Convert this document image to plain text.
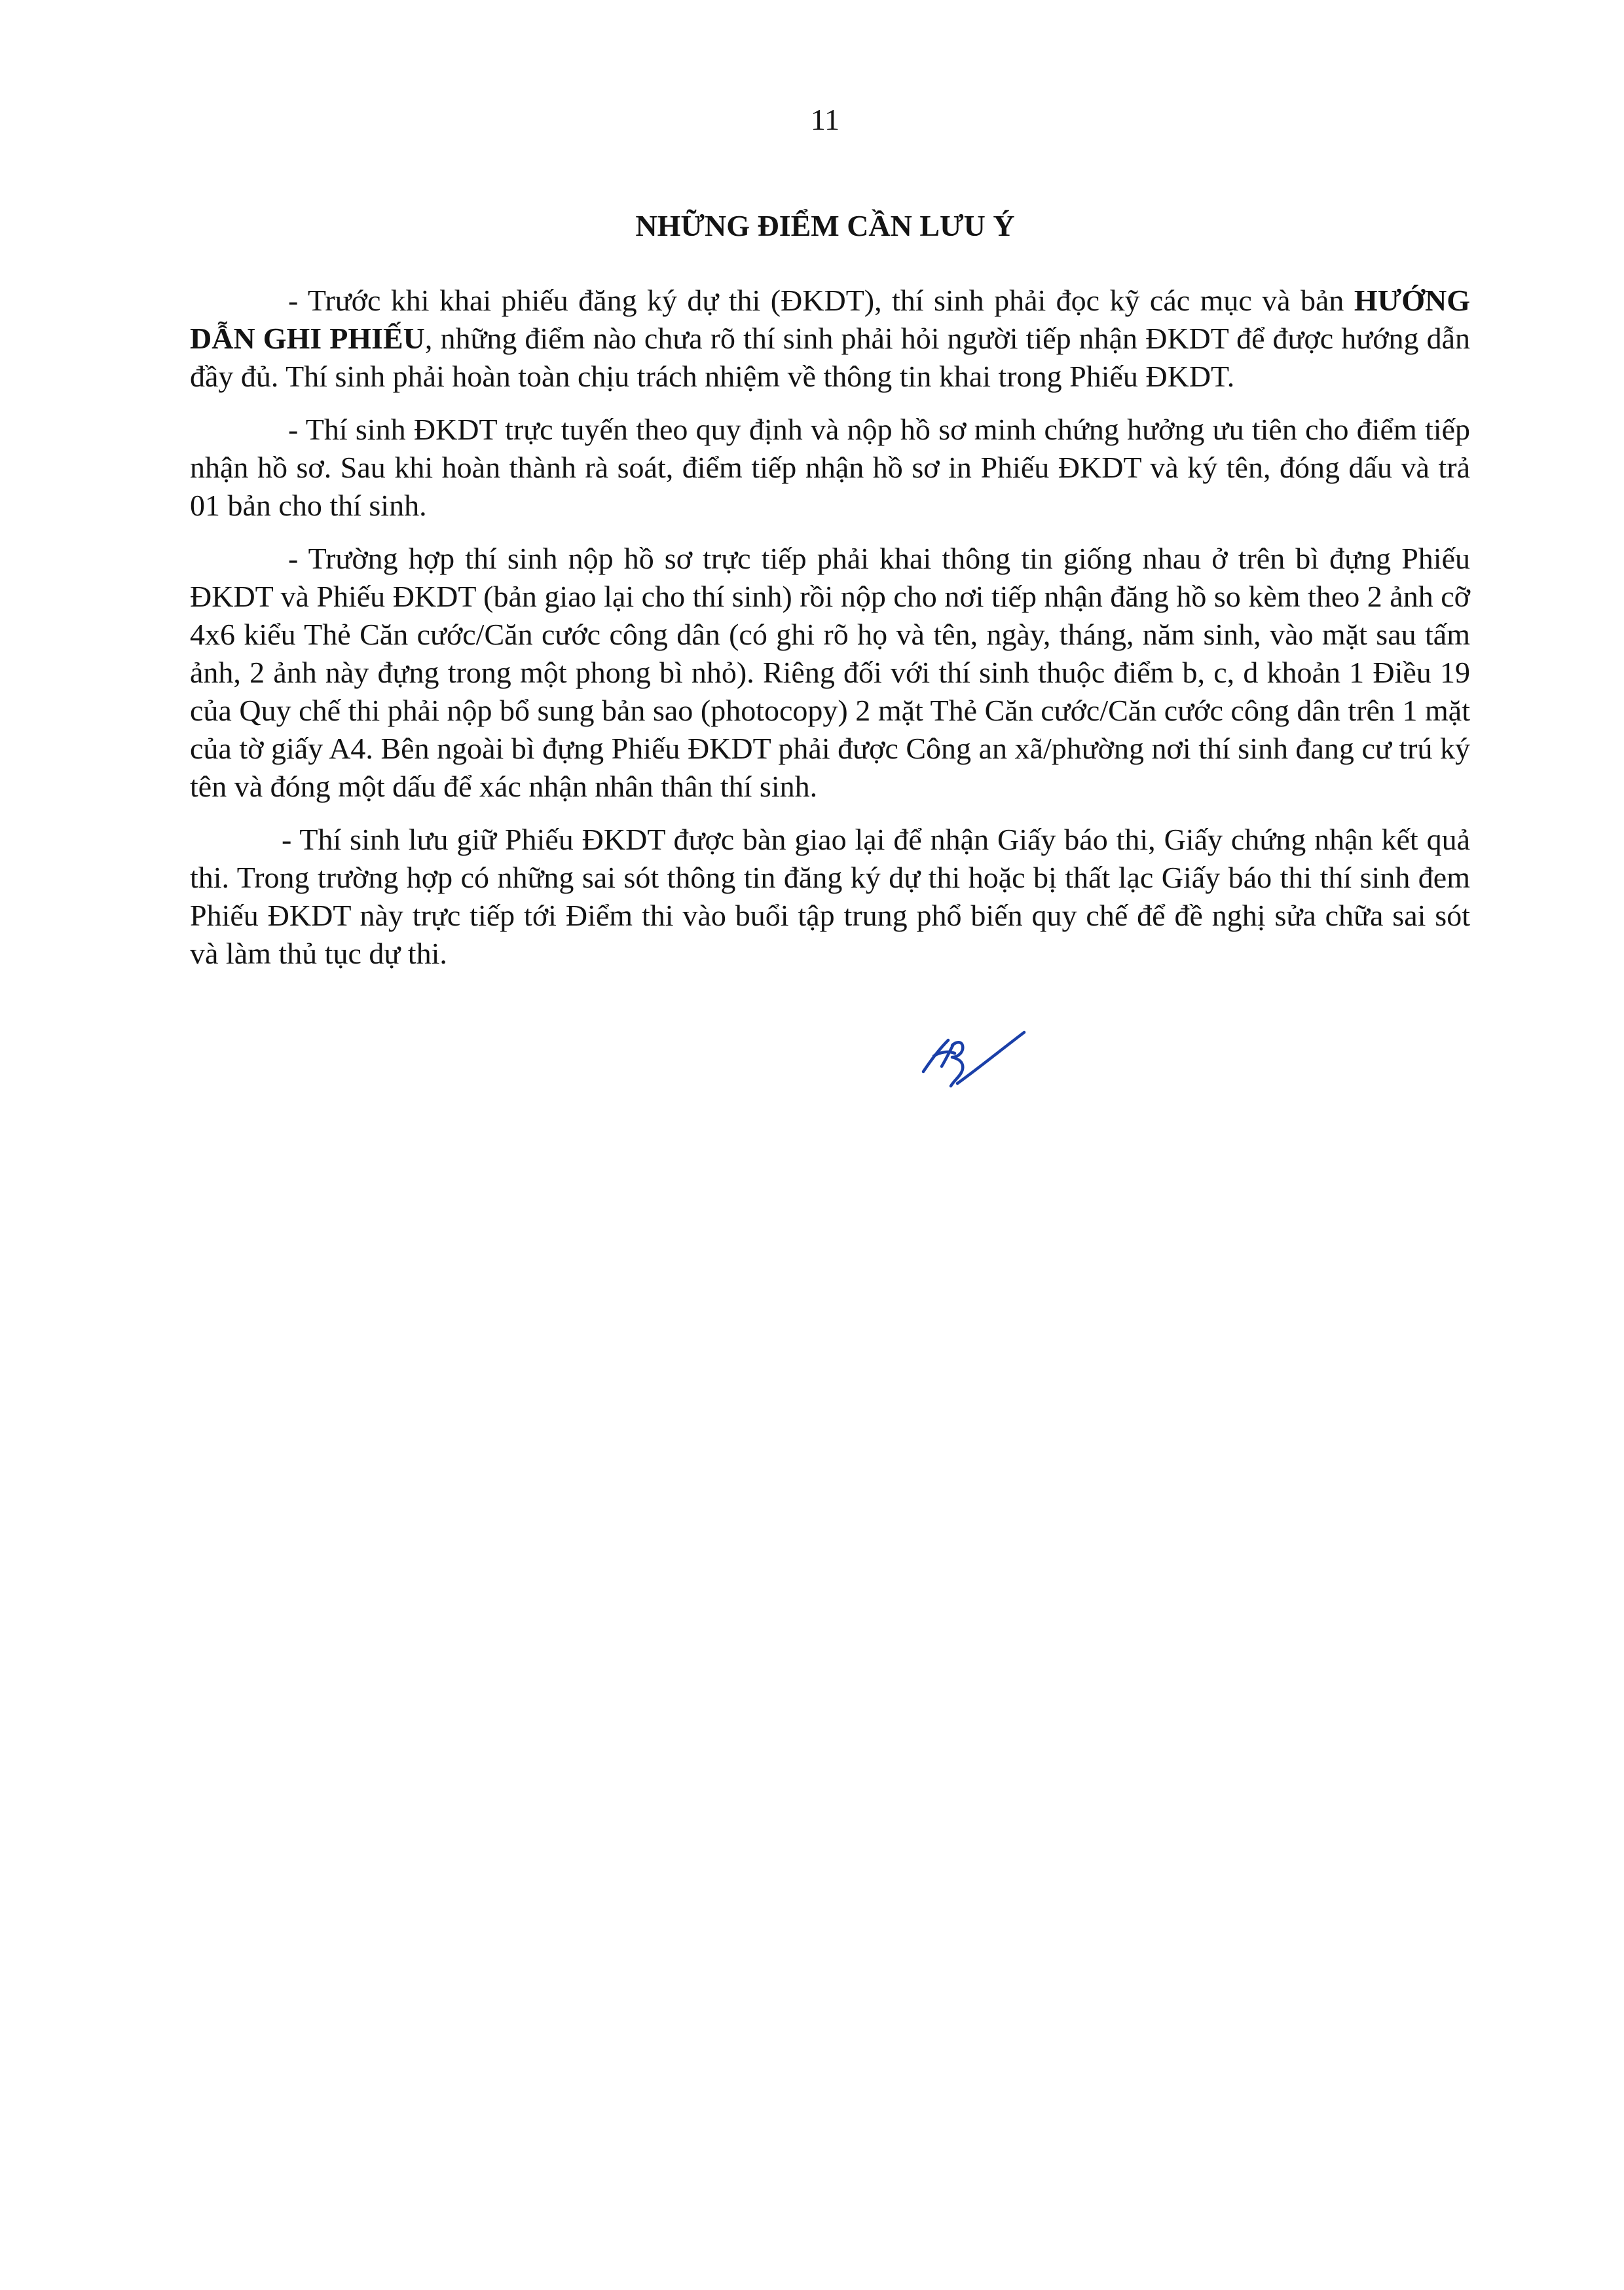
11
NHỮNG ĐIỂM CẦN LƯU Ý

- Trước khi khai phiếu đăng ký dự thi (ĐKDT), thí sinh phải đọc kỹ các mục và bản HƯỚNG DẪN GHI PHIẾU, những điểm nào chưa rõ thí sinh phải hỏi người tiếp nhận ĐKDT để được hướng dẫn đầy đủ. Thí sinh phải hoàn toàn chịu trách nhiệm về thông tin khai trong Phiếu ĐKDT.

- Thí sinh ĐKDT trực tuyến theo quy định và nộp hồ sơ minh chứng hưởng ưu tiên cho điểm tiếp nhận hồ sơ. Sau khi hoàn thành rà soát, điểm tiếp nhận hồ sơ in Phiếu ĐKDT và ký tên, đóng dấu và trả 01 bản cho thí sinh.

- Trường hợp thí sinh nộp hồ sơ trực tiếp phải khai thông tin giống nhau ở trên bì đựng Phiếu ĐKDT và Phiếu ĐKDT (bản giao lại cho thí sinh) rồi nộp cho nơi tiếp nhận đăng hồ so kèm theo 2 ảnh cỡ 4x6 kiểu Thẻ Căn cước/Căn cước công dân (có ghi rõ họ và tên, ngày, tháng, năm sinh, vào mặt sau tấm ảnh, 2 ảnh này đựng trong một phong bì nhỏ). Riêng đối với thí sinh thuộc điểm b, c, d khoản 1 Điều 19 của Quy chế thi phải nộp bổ sung bản sao (photocopy) 2 mặt Thẻ Căn cước/Căn cước công dân trên 1 mặt của tờ giấy A4. Bên ngoài bì đựng Phiếu ĐKDT phải được Công an xã/phường nơi thí sinh đang cư trú ký tên và đóng một dấu để xác nhận nhân thân thí sinh.

- Thí sinh lưu giữ Phiếu ĐKDT được bàn giao lại để nhận Giấy báo thi, Giấy chứng nhận kết quả thi. Trong trường hợp có những sai sót thông tin đăng ký dự thi hoặc bị thất lạc Giấy báo thi thí sinh đem Phiếu ĐKDT này trực tiếp tới Điểm thi vào buổi tập trung phổ biến quy chế để đề nghị sửa chữa sai sót và làm thủ tục dự thi.
